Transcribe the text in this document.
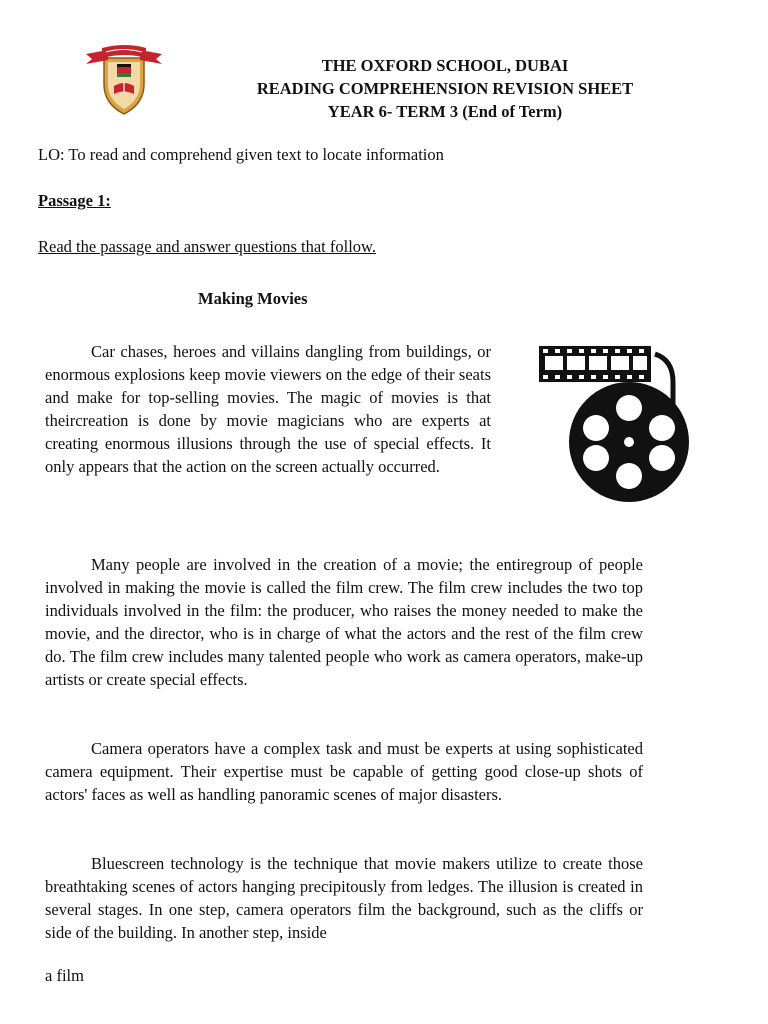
THE OXFORD SCHOOL, DUBAI
READING COMPREHENSION REVISION SHEET
YEAR 6- TERM 3 (End of Term)
LO: To read and comprehend given text to locate information
Passage 1:
Read the passage and answer questions that follow.
Making Movies

Car chases, heroes and villains dangling from buildings, or enormous explosions keep movie viewers on the edge of their seats and make for top-selling movies. The magic of movies is that theircreation is done by movie magicians who are experts at creating enormous illusions through the use of special effects. It only appears that the action on the screen actually occurred.

Many people are involved in the creation of a movie; the entiregroup of people involved in making the movie is called the film crew. The film crew includes the two top individuals involved in the film: the producer, who raises the money needed to make the movie, and the director, who is in charge of what the actors and the rest of the film crew do. The film crew includes many talented people who work as camera operators, make-up artists or create special effects.

Camera operators have a complex task and must be experts at using sophisticated camera equipment. Their expertise must be capable of getting good close-up shots of actors' faces as well as handling panoramic scenes of major disasters.

Bluescreen technology is the technique that movie makers utilize to create those breathtaking scenes of actors hanging precipitously from ledges. The illusion is created in several stages. In one step, camera operators film the background, such as the cliffs or side of the building. In another step, inside

a film
